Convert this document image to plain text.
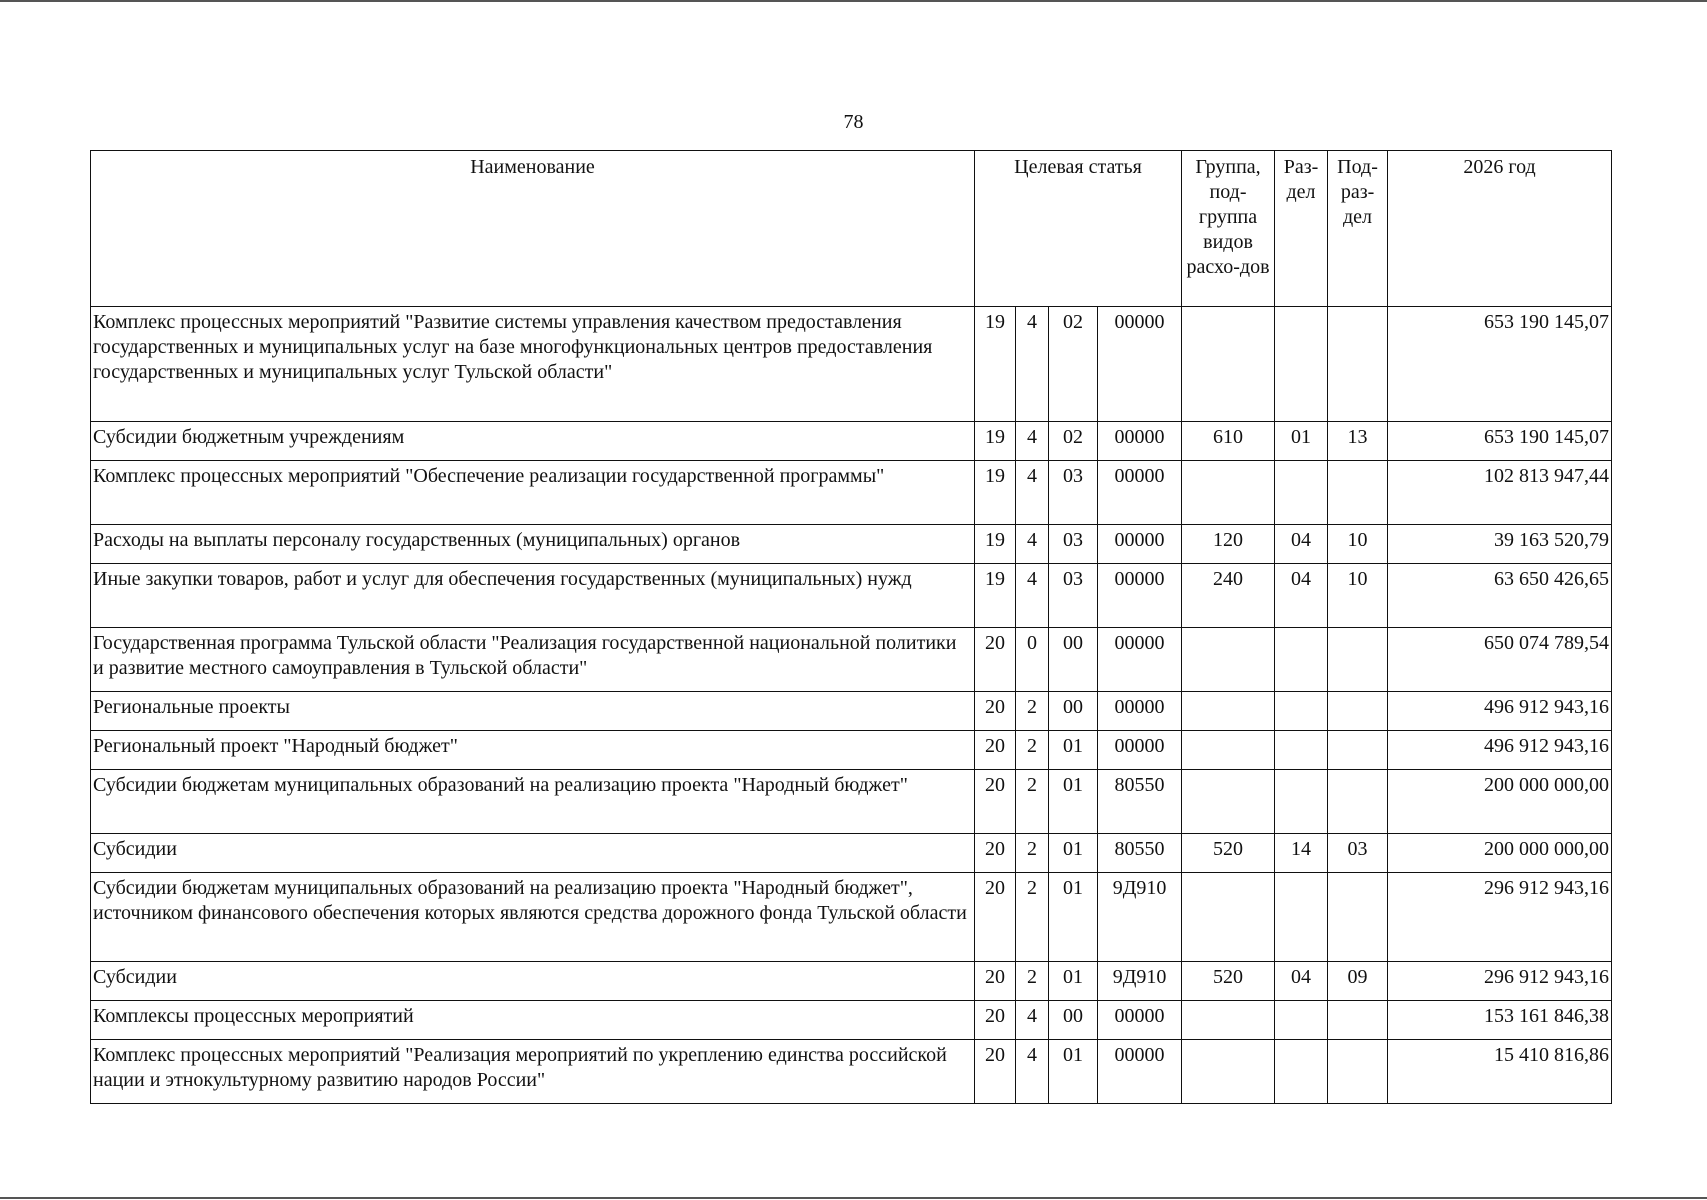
78
Наименование	Целевая статья				Группа, под-группа видов расхо-дов	Раз-дел	Под-раз-дел	2026 год
Комплекс процессных мероприятий "Развитие системы управления качеством предоставления государственных и муниципальных услуг на базе многофункциональных центров предоставления государственных и муниципальных услуг Тульской области"	19	4	02	00000				653 190 145,07
Субсидии бюджетным учреждениям	19	4	02	00000	610	01	13	653 190 145,07
Комплекс процессных мероприятий "Обеспечение реализации государственной программы"	19	4	03	00000				102 813 947,44
Расходы на выплаты персоналу государственных (муниципальных) органов	19	4	03	00000	120	04	10	39 163 520,79
Иные закупки товаров, работ и услуг для обеспечения государственных (муниципальных) нужд	19	4	03	00000	240	04	10	63 650 426,65
Государственная программа Тульской области "Реализация государственной национальной политики и развитие местного самоуправления в Тульской области"	20	0	00	00000				650 074 789,54
Региональные проекты	20	2	00	00000				496 912 943,16
Региональный проект "Народный бюджет"	20	2	01	00000				496 912 943,16
Субсидии бюджетам муниципальных образований на реализацию проекта "Народный бюджет"	20	2	01	80550				200 000 000,00
Субсидии	20	2	01	80550	520	14	03	200 000 000,00
Субсидии бюджетам муниципальных образований на реализацию проекта "Народный бюджет", источником финансового обеспечения которых являются средства дорожного фонда Тульской области	20	2	01	9Д910				296 912 943,16
Субсидии	20	2	01	9Д910	520	04	09	296 912 943,16
Комплексы процессных мероприятий	20	4	00	00000				153 161 846,38
Комплекс процессных мероприятий "Реализация мероприятий по укреплению единства российской нации и этнокультурному развитию народов России"	20	4	01	00000				15 410 816,86
